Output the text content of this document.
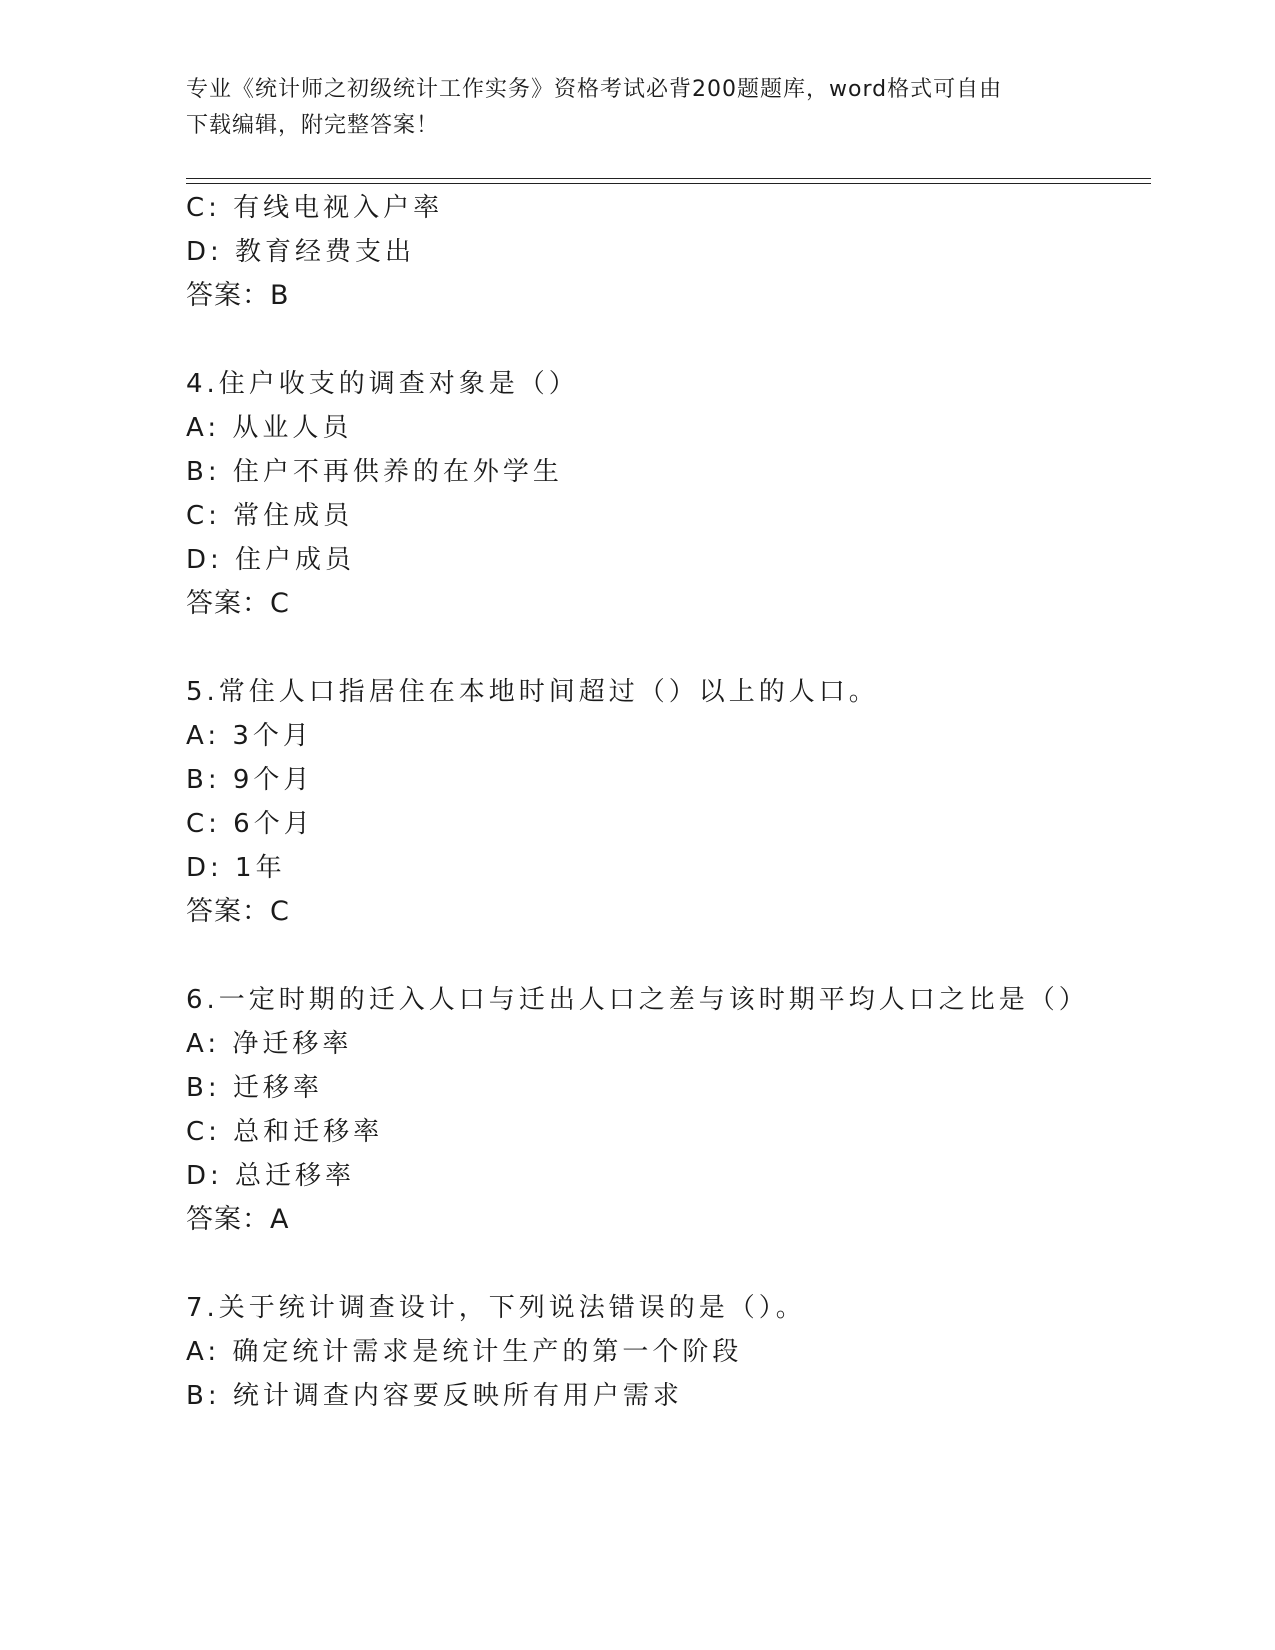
专业《统计师之初级统计工作实务》资格考试必背200题题库，word格式可自由
下载编辑，附完整答案！
C: 有线电视入户率
D: 教育经费支出
答案：B
4.住户收支的调查对象是（）
A: 从业人员
B: 住户不再供养的在外学生
C: 常住成员
D: 住户成员
答案：C
5.常住人口指居住在本地时间超过（）以上的人口。
A: 3个月
B: 9个月
C: 6个月
D: 1年
答案：C
6.一定时期的迁入人口与迁出人口之差与该时期平均人口之比是（）
A: 净迁移率
B: 迁移率
C: 总和迁移率
D: 总迁移率
答案：A
7.关于统计调查设计，下列说法错误的是（）。
A: 确定统计需求是统计生产的第一个阶段
B: 统计调查内容要反映所有用户需求
